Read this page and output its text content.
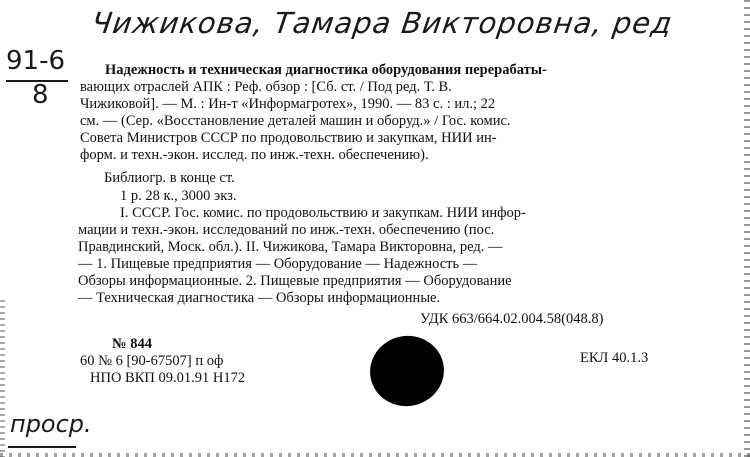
Чижикова, Тамара Викторовна, ред
91-6
8
Надежность и техническая диагностика оборудования перерабаты-
вающих отраслей АПК : Реф. обзор : [Сб. ст. / Под ред. Т. В.
Чижиковой]. — М. : Ин-т «Информагротех», 1990. — 83 с. : ил.; 22
см. — (Сер. «Восстановление деталей машин и оборуд.» / Гос. комис.
Совета Министров СССР по продовольствию и закупкам, НИИ ин-
форм. и техн.-экон. исслед. по инж.-техн. обеспечению).
Библиогр. в конце ст.
1 р. 28 к., 3000 экз.
I. СССР. Гос. комис. по продовольствию и закупкам. НИИ инфор-
мации и техн.-экон. исследований по инж.-техн. обеспечению (пос.
Правдинский, Моск. обл.). II. Чижикова, Тамара Викторовна, ред. —
— 1. Пищевые предприятия — Оборудование — Надежность —
Обзоры информационные. 2. Пищевые предприятия — Оборудование
— Техническая диагностика — Обзоры информационные.
УДК 663/664.02.004.58(048.8)
№ 844
60 № 6 [90-67507] п оф
НПО ВКП 09.01.91 Н172
ЕКЛ 40.1.3
проср.
